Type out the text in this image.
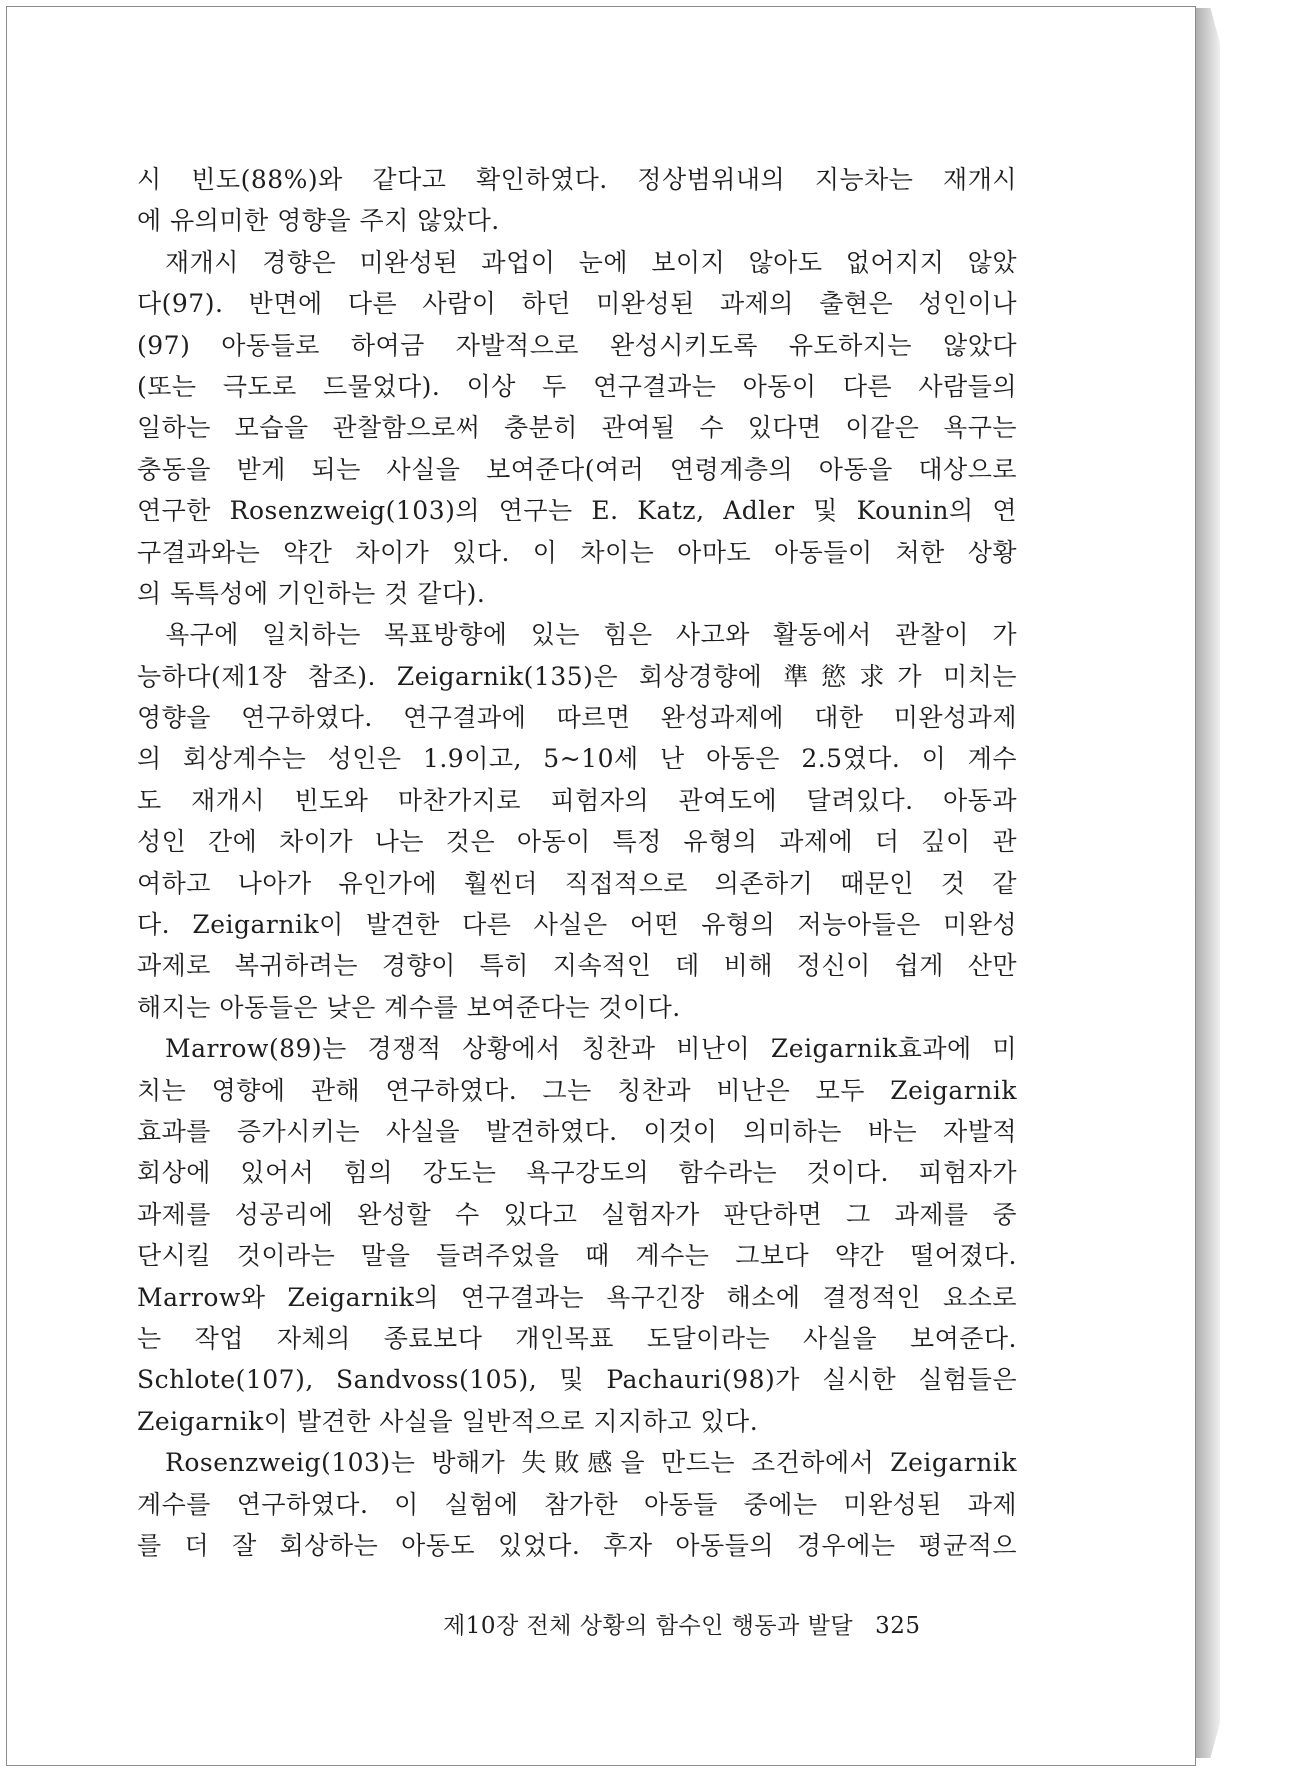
시 빈도(88%)와 같다고 확인하였다. 정상범위내의 지능차는 재개시
에 유의미한 영향을 주지 않았다.
재개시 경향은 미완성된 과업이 눈에 보이지 않아도 없어지지 않았
다(97). 반면에 다른 사람이 하던 미완성된 과제의 출현은 성인이나
(97) 아동들로 하여금 자발적으로 완성시키도록 유도하지는 않았다
(또는 극도로 드물었다). 이상 두 연구결과는 아동이 다른 사람들의
일하는 모습을 관찰함으로써 충분히 관여될 수 있다면 이같은 욕구는
충동을 받게 되는 사실을 보여준다(여러 연령계층의 아동을 대상으로
연구한 Rosenzweig(103)의 연구는 E. Katz, Adler 및 Kounin의 연
구결과와는 약간 차이가 있다. 이 차이는 아마도 아동들이 처한 상황
의 독특성에 기인하는 것 같다).
욕구에 일치하는 목표방향에 있는 힘은 사고와 활동에서 관찰이 가
능하다(제1장 참조). Zeigarnik(135)은 회상경향에 準慾求가 미치는
영향을 연구하였다. 연구결과에 따르면 완성과제에 대한 미완성과제
의 회상계수는 성인은 1.9이고, 5~10세 난 아동은 2.5였다. 이 계수
도 재개시 빈도와 마찬가지로 피험자의 관여도에 달려있다. 아동과
성인 간에 차이가 나는 것은 아동이 특정 유형의 과제에 더 깊이 관
여하고 나아가 유인가에 훨씬더 직접적으로 의존하기 때문인 것 같
다. Zeigarnik이 발견한 다른 사실은 어떤 유형의 저능아들은 미완성
과제로 복귀하려는 경향이 특히 지속적인 데 비해 정신이 쉽게 산만
해지는 아동들은 낮은 계수를 보여준다는 것이다.
Marrow(89)는 경쟁적 상황에서 칭찬과 비난이 Zeigarnik효과에 미
치는 영향에 관해 연구하였다. 그는 칭찬과 비난은 모두 Zeigarnik
효과를 증가시키는 사실을 발견하였다. 이것이 의미하는 바는 자발적
회상에 있어서 힘의 강도는 욕구강도의 함수라는 것이다. 피험자가
과제를 성공리에 완성할 수 있다고 실험자가 판단하면 그 과제를 중
단시킬 것이라는 말을 들려주었을 때 계수는 그보다 약간 떨어졌다.
Marrow와 Zeigarnik의 연구결과는 욕구긴장 해소에 결정적인 요소로
는 작업 자체의 종료보다 개인목표 도달이라는 사실을 보여준다.
Schlote(107), Sandvoss(105), 및 Pachauri(98)가 실시한 실험들은
Zeigarnik이 발견한 사실을 일반적으로 지지하고 있다.
Rosenzweig(103)는 방해가 失敗感을 만드는 조건하에서 Zeigarnik
계수를 연구하였다. 이 실험에 참가한 아동들 중에는 미완성된 과제
를 더 잘 회상하는 아동도 있었다. 후자 아동들의 경우에는 평균적으
제10장 전체 상황의 함수인 행동과 발달 325
